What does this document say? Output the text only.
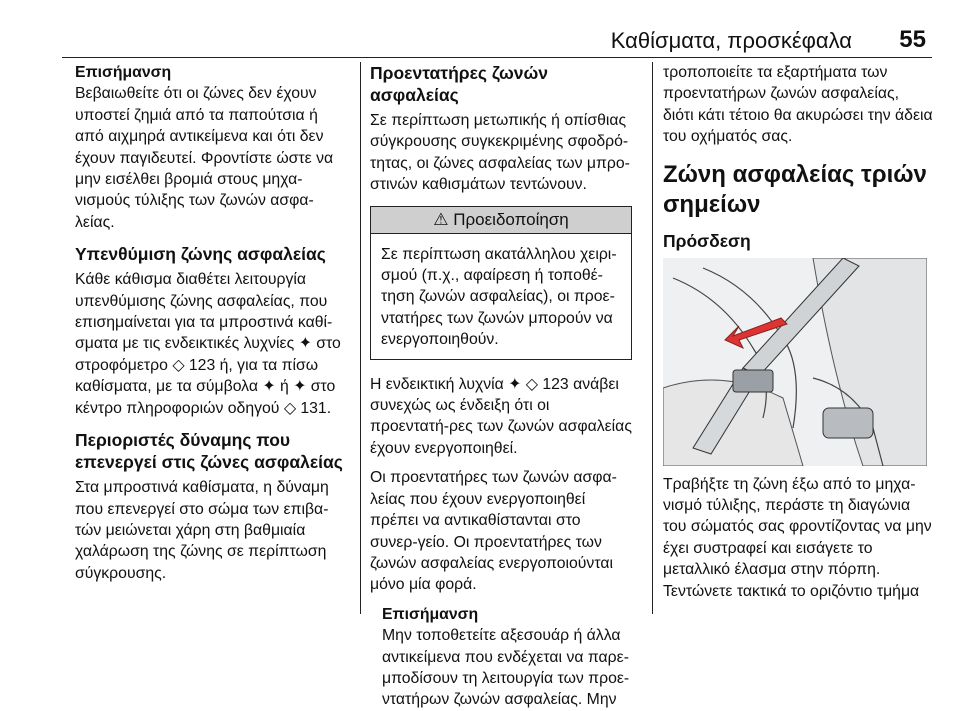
Καθίσματα, προσκέφαλα 55

Επισήμανση

Βεβαιωθείτε ότι οι ζώνες δεν έχουν υποστεί ζημιά από τα παπούτσια ή από αιχμηρά αντικείμενα και ότι δεν έχουν παγιδευτεί. Φροντίστε ώστε να μην εισέλθει βρομιά στους μηχα-νισμούς τύλιξης των ζωνών ασφα-λείας.

Υπενθύμιση ζώνης ασφαλείας

Κάθε κάθισμα διαθέτει λειτουργία υπενθύμισης ζώνης ασφαλείας, που επισημαίνεται για τα μπροστινά καθί-σματα με τις ενδεικτικές λυχνίες ✦ στο στροφόμετρο ◇ 123 ή, για τα πίσω καθίσματα, με τα σύμβολα ✦ ή ✦ στο κέντρο πληροφοριών οδηγού ◇ 131.

Περιοριστές δύναμης που επενεργεί στις ζώνες ασφαλείας

Στα μπροστινά καθίσματα, η δύναμη που επενεργεί στο σώμα των επιβα-τών μειώνεται χάρη στη βαθμιαία χαλάρωση της ζώνης σε περίπτωση σύγκρουσης.

Προεντατήρες ζωνών ασφαλείας

Σε περίπτωση μετωπικής ή οπίσθιας σύγκρουσης συγκεκριμένης σφοδρό-τητας, οι ζώνες ασφαλείας των μπρο-στινών καθισμάτων τεντώνουν.

⚠ Προειδοποίηση
Σε περίπτωση ακατάλληλου χειρι-σμού (π.χ., αφαίρεση ή τοποθέ-τηση ζωνών ασφαλείας), οι προε-ντατήρες των ζωνών μπορούν να ενεργοποιηθούν.

Η ενδεικτική λυχνία ✦ ◇ 123 ανάβει συνεχώς ως ένδειξη ότι οι προεντατή-ρες των ζωνών ασφαλείας έχουν ενεργοποιηθεί.

Οι προεντατήρες των ζωνών ασφα-λείας που έχουν ενεργοποιηθεί πρέπει να αντικαθίστανται στο συνερ-γείο. Οι προεντατήρες των ζωνών ασφαλείας ενεργοποιούνται μόνο μία φορά.

Επισήμανση

Μην τοποθετείτε αξεσουάρ ή άλλα αντικείμενα που ενδέχεται να παρε-μποδίσουν τη λειτουργία των προε-ντατήρων ζωνών ασφαλείας. Μην

τροποποιείτε τα εξαρτήματα των προεντατήρων ζωνών ασφαλείας, διότι κάτι τέτοιο θα ακυρώσει την άδεια του οχήματός σας.

Ζώνη ασφαλείας τριών σημείων
Πρόσδεση

Τραβήξτε τη ζώνη έξω από το μηχα-νισμό τύλιξης, περάστε τη διαγώνια του σώματός σας φροντίζοντας να μην έχει συστραφεί και εισάγετε το μεταλλικό έλασμα στην πόρπη. Τεντώνετε τακτικά το οριζόντιο τμήμα
